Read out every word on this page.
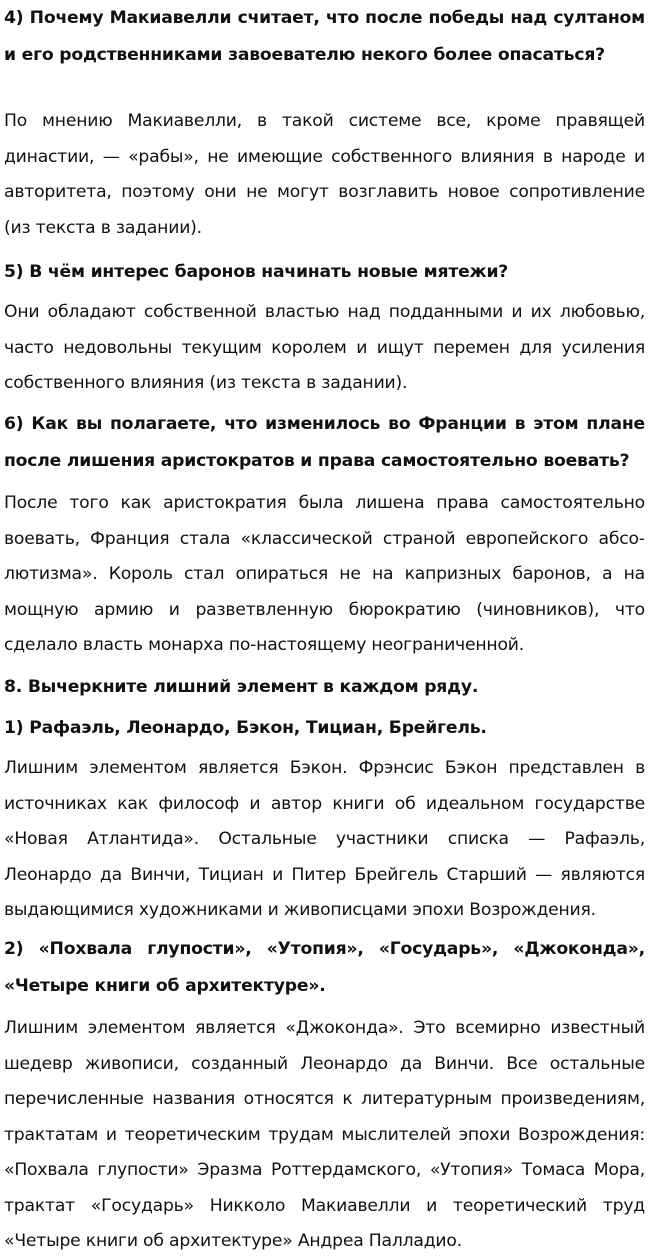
4) Почему Макиавелли считает, что после победы над султаном и его родственниками завоевателю некого более опасаться?

По мнению Макиавелли, в такой системе все, кроме правящей династии, — «рабы», не имеющие собственного влияния в народе и авторитета, поэтому они не могут возглавить новое сопротивление (из текста в задании).

5) В чём интерес баронов начинать новые мятежи?

Они обладают собственной властью над подданными и их любовью, часто недовольны текущим королем и ищут перемен для усиления собственного влияния (из текста в задании).

6) Как вы полагаете, что изменилось во Франции в этом плане после лишения аристократов и права самостоятельно воевать?

После того как аристократия была лишена права самостоятельно воевать, Франция стала «классической страной европейского абсолютизма». Король стал опираться не на капризных баронов, а на мощную армию и разветвленную бюрократию (чиновников), что сделало власть монарха по-настоящему неограниченной.

8. Вычеркните лишний элемент в каждом ряду.

1) Рафаэль, Леонардо, Бэкон, Тициан, Брейгель.

Лишним элементом является Бэкон. Фрэнсис Бэкон представлен в источниках как философ и автор книги об идеальном государстве «Новая Атлантида». Остальные участники списка — Рафаэль, Леонардо да Винчи, Тициан и Питер Брейгель Старший — являются выдающимися художниками и живописцами эпохи Возрождения.

2) «Похвала глупости», «Утопия», «Государь», «Джоконда», «Четыре книги об архитектуре».

Лишним элементом является «Джоконда». Это всемирно известный шедевр живописи, созданный Леонардо да Винчи. Все остальные перечисленные названия относятся к литературным произведениям, трактатам и теоретическим трудам мыслителей эпохи Возрождения: «Похвала глупости» Эразма Роттердамского, «Утопия» Томаса Мора, трактат «Государь» Никколо Макиавелли и теоретический труд «Четыре книги об архитектуре» Андреа Палладио.
